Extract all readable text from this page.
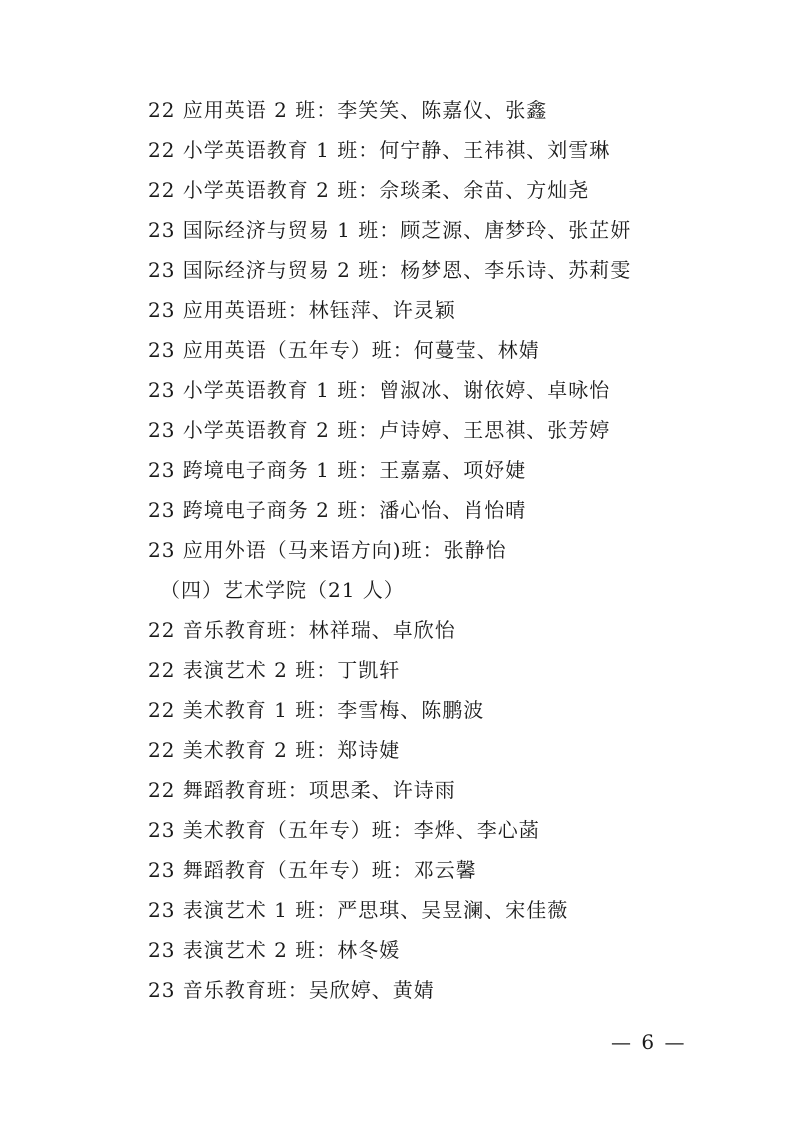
22 应用英语 2 班：李笑笑、陈嘉仪、张鑫
22 小学英语教育 1 班：何宁静、王祎祺、刘雪琳
22 小学英语教育 2 班：佘琰柔、余苗、方灿尧
23 国际经济与贸易 1 班：顾芝源、唐梦玲、张芷妍
23 国际经济与贸易 2 班：杨梦恩、李乐诗、苏莉雯
23 应用英语班：林钰萍、许灵颖
23 应用英语（五年专）班：何蔓莹、林婧
23 小学英语教育 1 班：曾淑冰、谢依婷、卓咏怡
23 小学英语教育 2 班：卢诗婷、王思祺、张芳婷
23 跨境电子商务 1 班：王嘉嘉、项妤婕
23 跨境电子商务 2 班：潘心怡、肖怡晴
23 应用外语（马来语方向)班：张静怡
（四）艺术学院（21 人）
22 音乐教育班：林祥瑞、卓欣怡
22 表演艺术 2 班：丁凯轩
22 美术教育 1 班：李雪梅、陈鹏波
22 美术教育 2 班：郑诗婕
22 舞蹈教育班：项思柔、许诗雨
23 美术教育（五年专）班：李烨、李心菡
23 舞蹈教育（五年专）班：邓云馨
23 表演艺术 1 班：严思琪、吴昱澜、宋佳薇
23 表演艺术 2 班：林冬媛
23 音乐教育班：吴欣婷、黄婧
— 6 —
